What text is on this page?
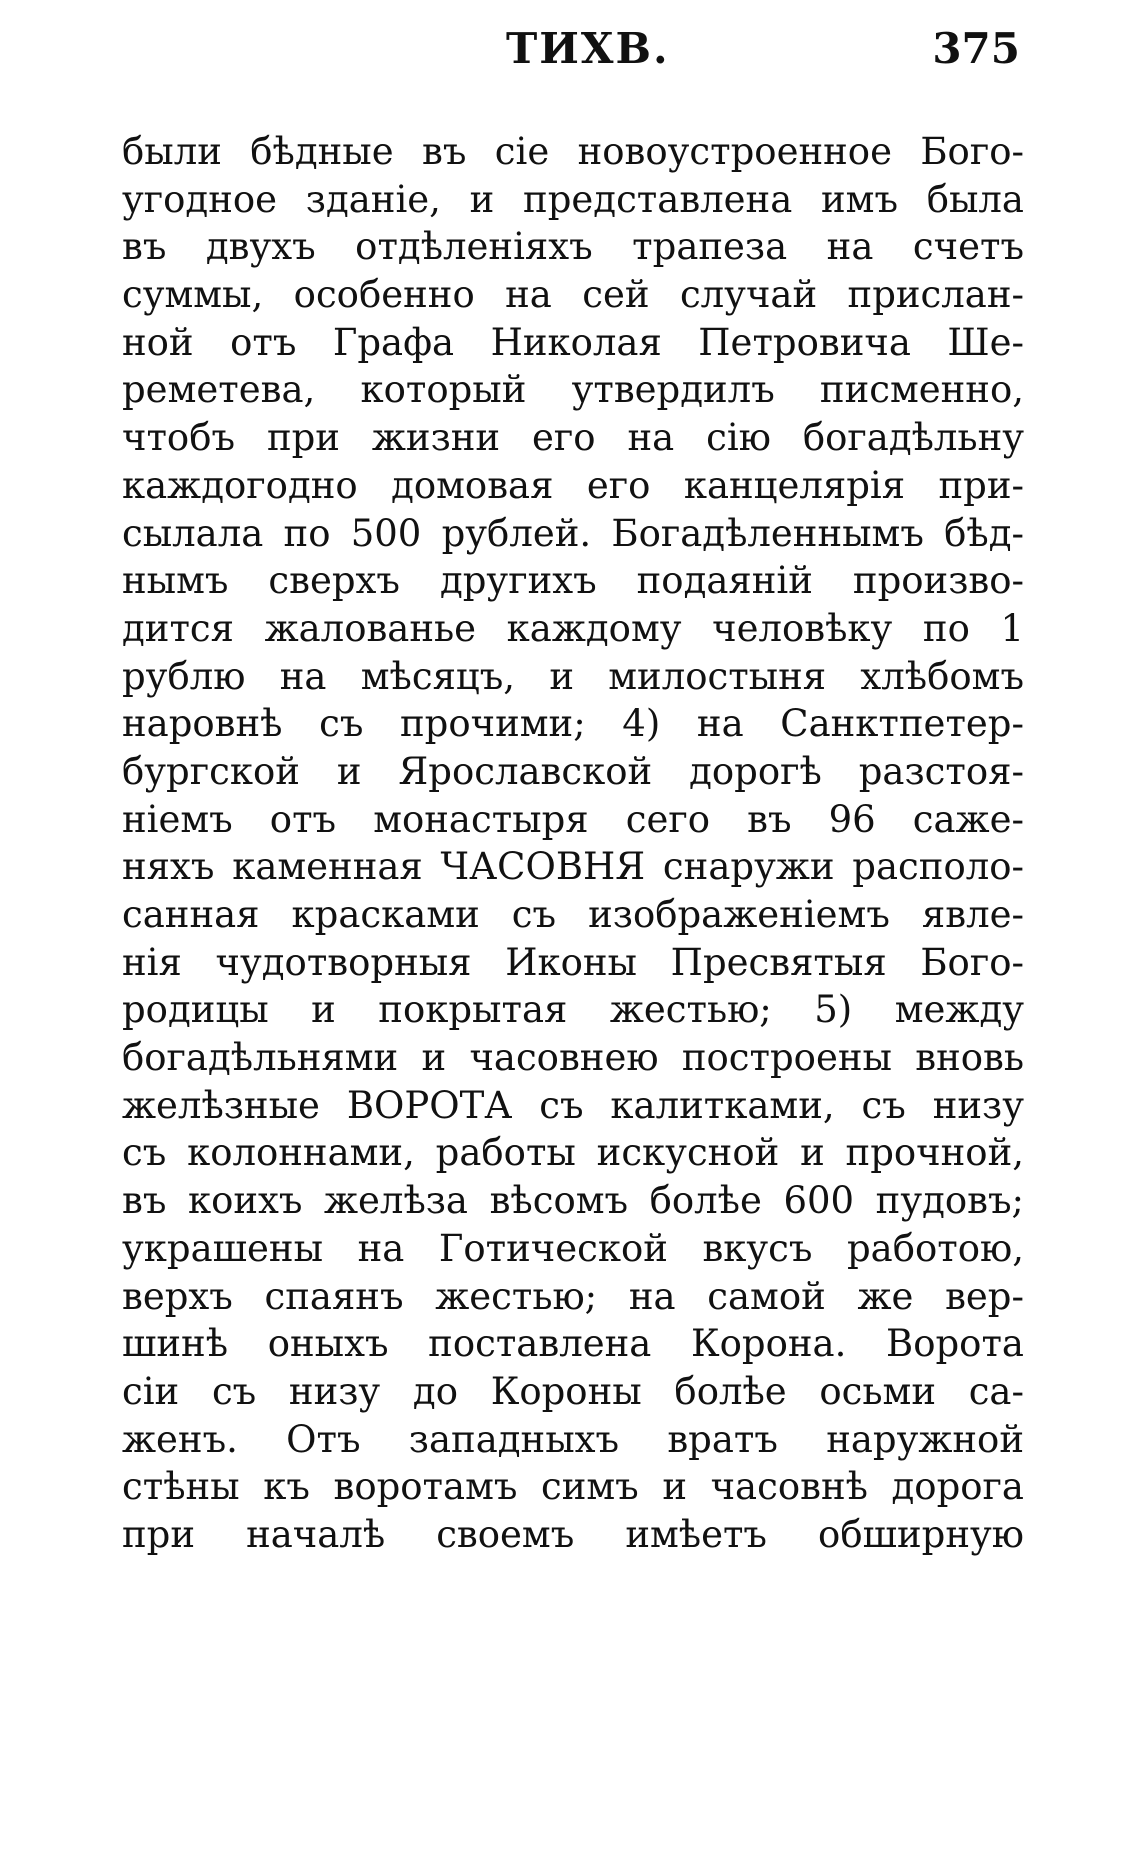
ТИХВ.	375
были бѣдные въ сіе новоустроенное Бого-
угодное зданіе, и представлена имъ была
въ двухъ отдѣленіяхъ трапеза на счетъ
суммы, особенно на сей случай прислан-
ной отъ Графа Николая Петровича Ше-
реметева, который утвердилъ писменно,
чтобъ при жизни его на сію богадѣльну
каждогодно домовая его канцелярія при-
сылала по 500 рублей. Богадѣленнымъ бѣд-
нымъ сверхъ другихъ подаяній произво-
дится жалованье каждому человѣку по 1
рублю на мѣсяцъ, и милостыня хлѣбомъ
наровнѣ съ прочими; 4) на Санктпетер-
бургской и Ярославской дорогѣ разстоя-
ніемъ отъ монастыря сего въ 96 саже-
няхъ каменная ЧАСОВНЯ снаружи располо-
санная красками съ изображеніемъ явле-
нія чудотворныя Иконы Пресвятыя Бого-
родицы и покрытая жестью; 5) между
богадѣльнями и часовнею построены вновь
желѣзные ВОРОТА съ калитками, съ низу
съ колоннами, работы искусной и прочной,
въ коихъ желѣза вѣсомъ болѣе 600 пудовъ;
украшены на Готической вкусъ работою,
верхъ спаянъ жестью; на самой же вер-
шинѣ оныхъ поставлена Корона. Ворота
сіи съ низу до Короны болѣе осьми са-
женъ. Отъ западныхъ вратъ наружной
стѣны къ воротамъ симъ и часовнѣ дорога
при началѣ своемъ имѣетъ обширную
